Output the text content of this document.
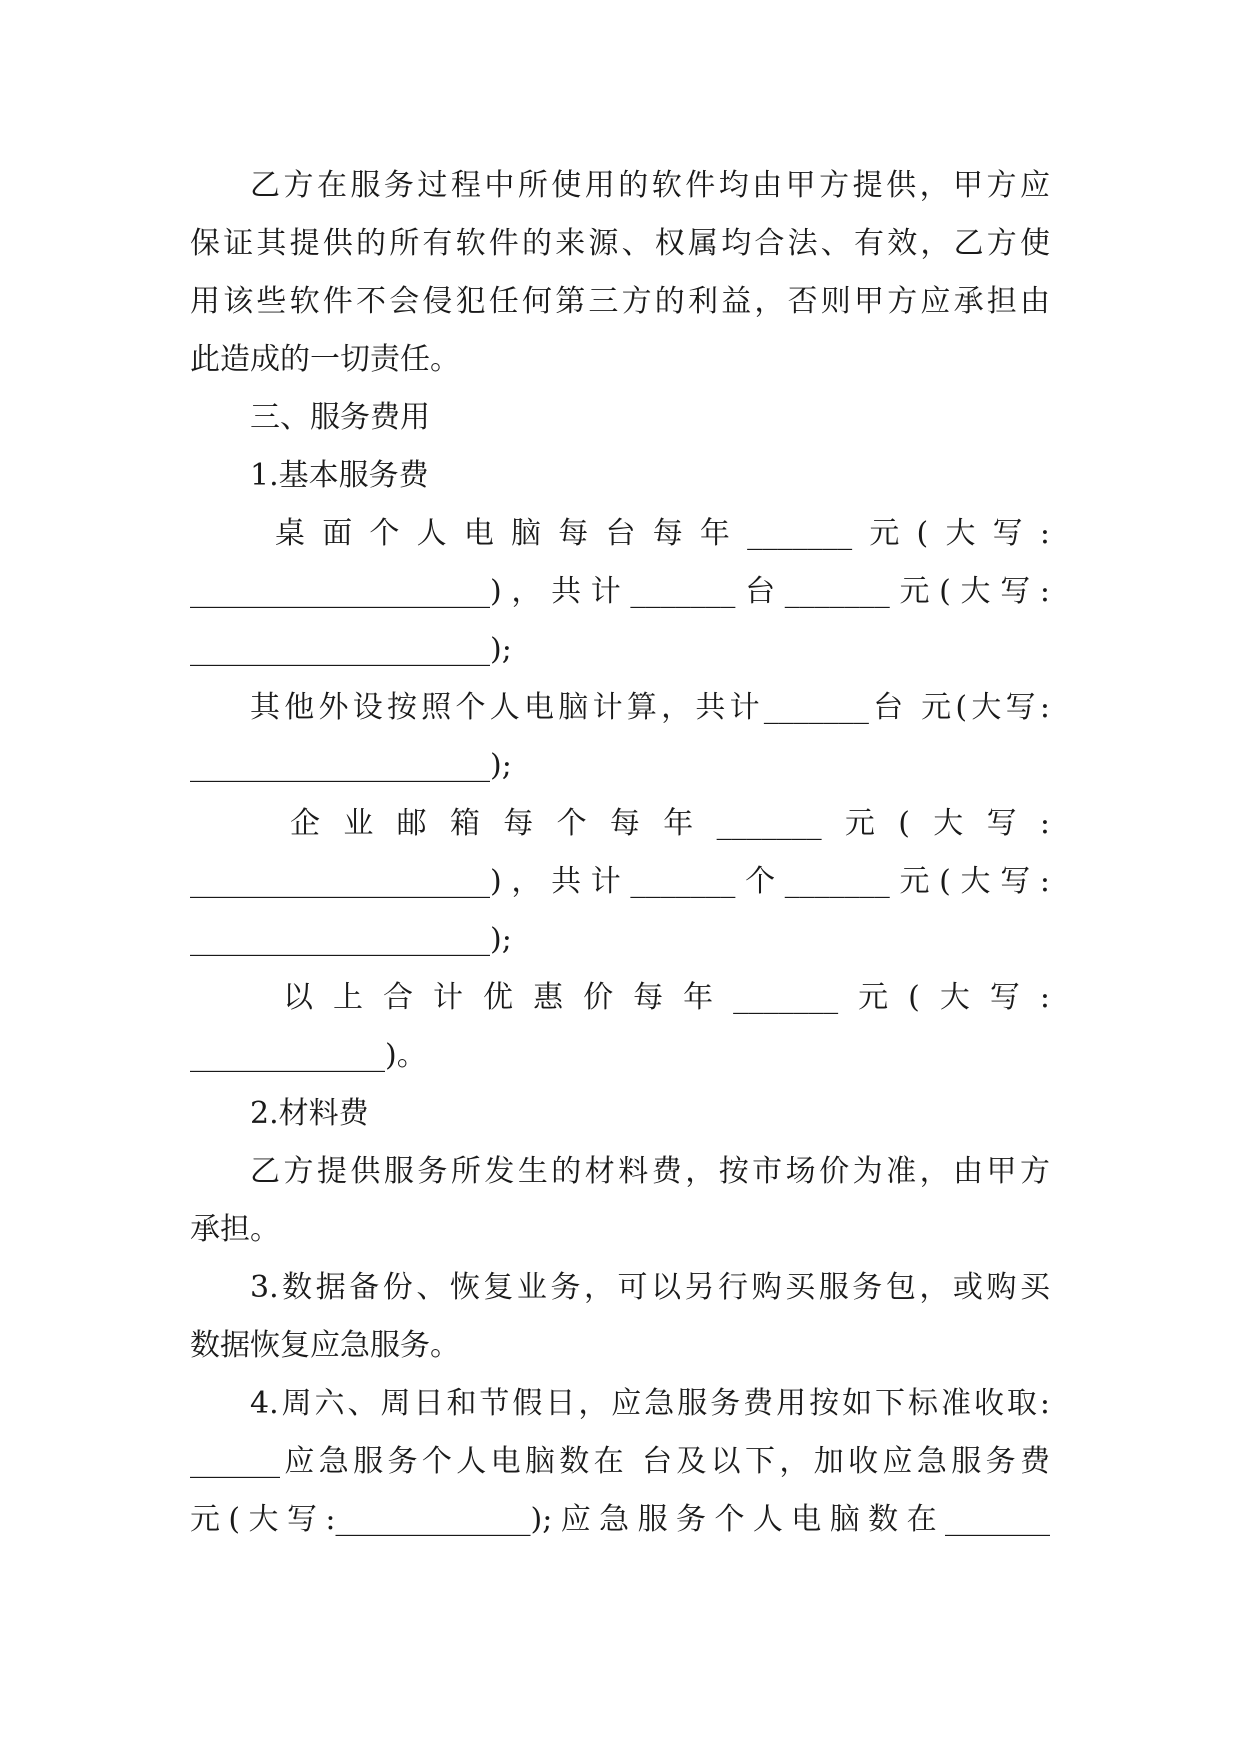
乙方在服务过程中所使用的软件均由甲方提供，甲方应
保证其提供的所有软件的来源、权属均合法、有效，乙方使
用该些软件不会侵犯任何第三方的利益，否则甲方应承担由
此造成的一切责任。
三、服务费用
1.基本服务费
桌面个人电脑每台每年_______元(大写:
____________________)，共计_______台_______元(大写:
____________________);
其他外设按照个人电脑计算，共计_______台 元(大写:
____________________);
企业邮箱每个每年_______元(大写:
____________________)，共计_______个_______元(大写:
____________________);
以上合计优惠价每年_______元(大写:
_____________)。
2.材料费
乙方提供服务所发生的材料费，按市场价为准，由甲方
承担。
3.数据备份、恢复业务，可以另行购买服务包，或购买
数据恢复应急服务。
4.周六、周日和节假日，应急服务费用按如下标准收取:
______应急服务个人电脑数在 台及以下，加收应急服务费
元(大写:_____________);应急服务个人电脑数在_______
